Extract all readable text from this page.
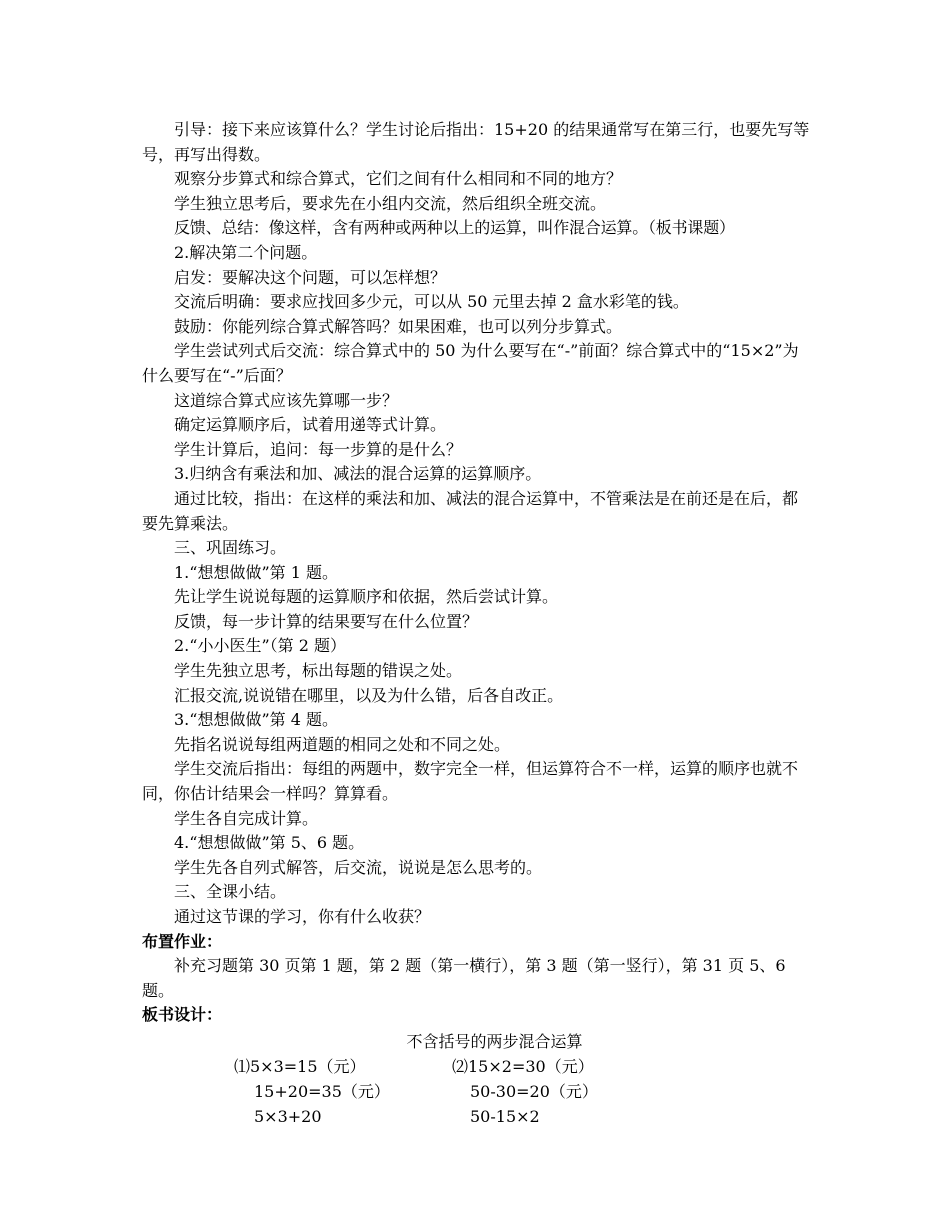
引导：接下来应该算什么？学生讨论后指出：15+20 的结果通常写在第三行，也要先写等号，再写出得数。

观察分步算式和综合算式，它们之间有什么相同和不同的地方？

学生独立思考后，要求先在小组内交流，然后组织全班交流。

反馈、总结：像这样，含有两种或两种以上的运算，叫作混合运算。（板书课题）

2.解决第二个问题。

启发：要解决这个问题，可以怎样想？

交流后明确：要求应找回多少元，可以从 50 元里去掉 2 盒水彩笔的钱。

鼓励：你能列综合算式解答吗？如果困难，也可以列分步算式。

学生尝试列式后交流：综合算式中的 50 为什么要写在“-”前面？综合算式中的“15×2”为什么要写在“-”后面？

这道综合算式应该先算哪一步？

确定运算顺序后，试着用递等式计算。

学生计算后，追问：每一步算的是什么？

3.归纳含有乘法和加、减法的混合运算的运算顺序。

通过比较，指出：在这样的乘法和加、减法的混合运算中，不管乘法是在前还是在后，都要先算乘法。

三、巩固练习。

1.“想想做做”第 1 题。

先让学生说说每题的运算顺序和依据，然后尝试计算。

反馈，每一步计算的结果要写在什么位置？

2.“小小医生”（第 2 题）

学生先独立思考，标出每题的错误之处。

汇报交流,说说错在哪里，以及为什么错，后各自改正。

3.“想想做做”第 4 题。

先指名说说每组两道题的相同之处和不同之处。

学生交流后指出：每组的两题中，数字完全一样，但运算符合不一样，运算的顺序也就不同，你估计结果会一样吗？算算看。

学生各自完成计算。

4.“想想做做”第 5、6 题。

学生先各自列式解答，后交流，说说是怎么思考的。

三、全课小结。

通过这节课的学习，你有什么收获？

布置作业：

补充习题第 30 页第 1 题，第 2 题（第一横行），第 3 题（第一竖行），第 31 页 5、6 题。

板书设计：

不含括号的两步混合运算

⑴5×3=15（元）
15+20=35（元）
5×3+20
⑵15×2=30（元）
50-30=20（元）
50-15×2
